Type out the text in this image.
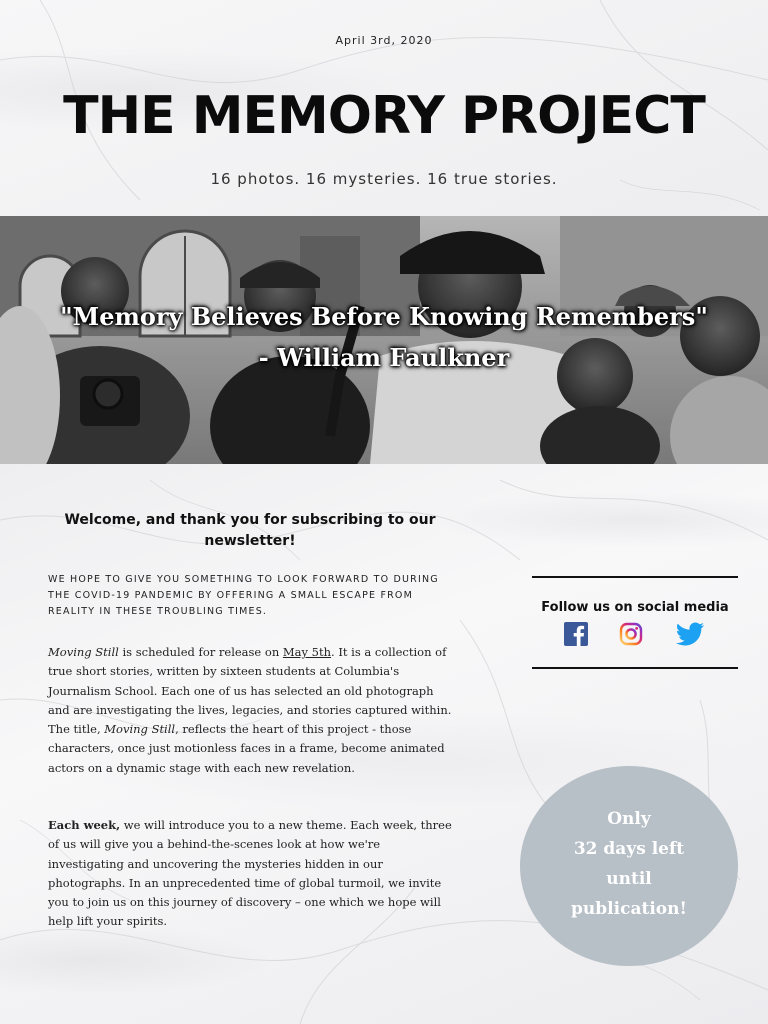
April 3rd, 2020
THE MEMORY PROJECT
16 photos. 16 mysteries. 16 true stories.
"Memory Believes Before Knowing Remembers"
- William Faulkner
Welcome, and thank you for subscribing to our newsletter!
WE HOPE TO GIVE YOU SOMETHING TO LOOK FORWARD TO DURING THE COVID-19 PANDEMIC BY OFFERING A SMALL ESCAPE FROM REALITY IN THESE TROUBLING TIMES.
Moving Still is scheduled for release on May 5th. It is a collection of true short stories, written by sixteen students at Columbia's Journalism School. Each one of us has selected an old photograph and are investigating the lives, legacies, and stories captured within. The title, Moving Still, reflects the heart of this project - those characters, once just motionless faces in a frame, become animated actors on a dynamic stage with each new revelation.
Each week, we will introduce you to a new theme. Each week, three of us will give you a behind-the-scenes look at how we're investigating and uncovering the mysteries hidden in our photographs. In an unprecedented time of global turmoil, we invite you to join us on this journey of discovery – one which we hope will help lift your spirits.
Follow us on social media
Only
32 days left
until
publication!
